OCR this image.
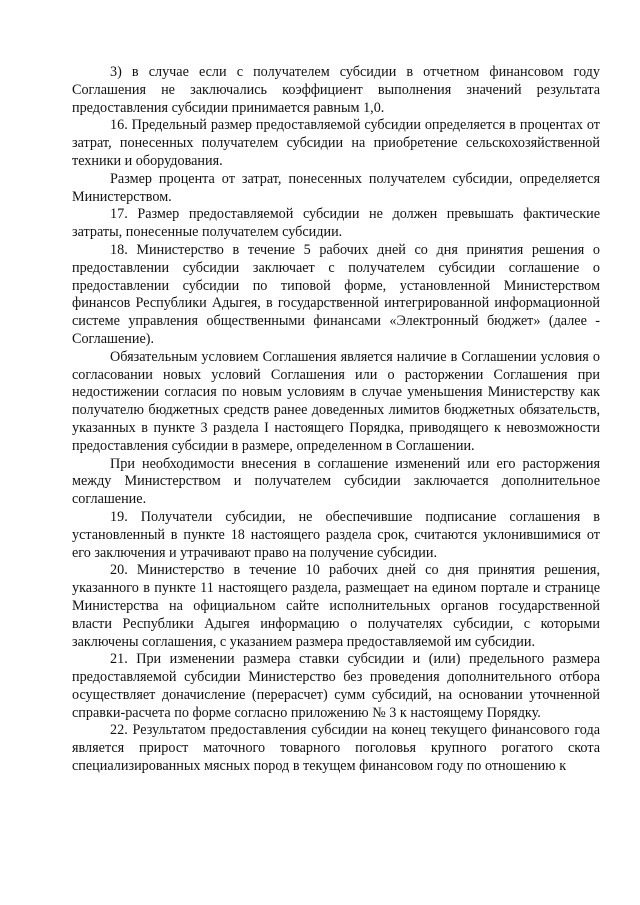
3) в случае если с получателем субсидии в отчетном финансовом году Соглашения не заключались коэффициент выполнения значений результата предоставления субсидии принимается равным 1,0.

16. Предельный размер предоставляемой субсидии определяется в процентах от затрат, понесенных получателем субсидии на приобретение сельскохозяйственной техники и оборудования.

Размер процента от затрат, понесенных получателем субсидии, определяется Министерством.

17. Размер предоставляемой субсидии не должен превышать фактические затраты, понесенные получателем субсидии.

18. Министерство в течение 5 рабочих дней со дня принятия решения о предоставлении субсидии заключает с получателем субсидии соглашение о предоставлении субсидии по типовой форме, установленной Министерством финансов Республики Адыгея, в государственной интегрированной информационной системе управления общественными финансами «Электронный бюджет» (далее - Соглашение).

Обязательным условием Соглашения является наличие в Соглашении условия о согласовании новых условий Соглашения или о расторжении Соглашения при недостижении согласия по новым условиям в случае уменьшения Министерству как получателю бюджетных средств ранее доведенных лимитов бюджетных обязательств, указанных в пункте 3 раздела I настоящего Порядка, приводящего к невозможности предоставления субсидии в размере, определенном в Соглашении.

При необходимости внесения в соглашение изменений или его расторжения между Министерством и получателем субсидии заключается дополнительное соглашение.

19. Получатели субсидии, не обеспечившие подписание соглашения в установленный в пункте 18 настоящего раздела срок, считаются уклонившимися от его заключения и утрачивают право на получение субсидии.

20. Министерство в течение 10 рабочих дней со дня принятия решения, указанного в пункте 11 настоящего раздела, размещает на едином портале и странице Министерства на официальном сайте исполнительных органов государственной власти Республики Адыгея информацию о получателях субсидии, с которыми заключены соглашения, с указанием размера предоставляемой им субсидии.

21. При изменении размера ставки субсидии и (или) предельного размера предоставляемой субсидии Министерство без проведения дополнительного отбора осуществляет доначисление (перерасчет) сумм субсидий, на основании уточненной справки-расчета по форме согласно приложению № 3 к настоящему Порядку.

22. Результатом предоставления субсидии на конец текущего финансового года является прирост маточного товарного поголовья крупного рогатого скота специализированных мясных пород в текущем финансовом году по отношению к
